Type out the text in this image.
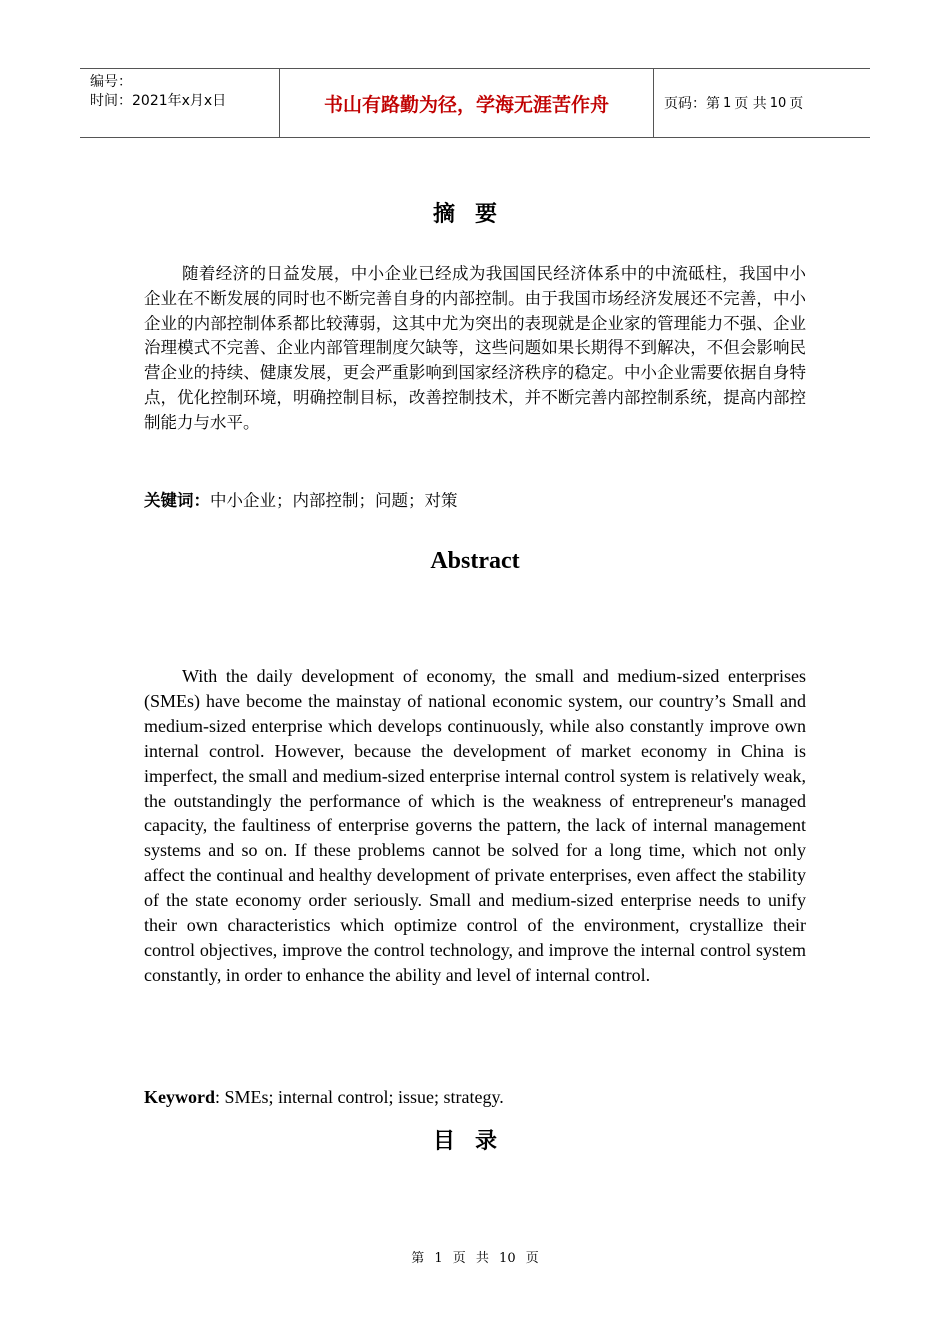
编号：
时间：2021年x月x日	书山有路勤为径，学海无涯苦作舟	页码：第 1 页 共 10 页
摘要
随着经济的日益发展，中小企业已经成为我国国民经济体系中的中流砥柱，我国中小企业在不断发展的同时也不断完善自身的内部控制。由于我国市场经济发展还不完善，中小企业的内部控制体系都比较薄弱，这其中尤为突出的表现就是企业家的管理能力不强、企业治理模式不完善、企业内部管理制度欠缺等，这些问题如果长期得不到解决，不但会影响民营企业的持续、健康发展，更会严重影响到国家经济秩序的稳定。中小企业需要依据自身特点，优化控制环境，明确控制目标，改善控制技术，并不断完善内部控制系统，提高内部控制能力与水平。
关键词：中小企业；内部控制；问题；对策
Abstract
With the daily development of economy, the small and medium-sized enterprises (SMEs) have become the mainstay of national economic system, our country’s Small and medium-sized enterprise which develops continuously, while also constantly improve own internal control. However, because the development of market economy in China is imperfect, the small and medium-sized enterprise internal control system is relatively weak, the outstandingly the performance of which is the weakness of entrepreneur's managed capacity, the faultiness of enterprise governs the pattern, the lack of internal management systems and so on. If these problems cannot be solved for a long time, which not only affect the continual and healthy development of private enterprises, even affect the stability of the state economy order seriously. Small and medium-sized enterprise needs to unify their own characteristics which optimize control of the environment, crystallize their control objectives, improve the control technology, and improve the internal control system constantly, in order to enhance the ability and level of internal control.
Keyword: SMEs; internal control; issue; strategy.
目录
第 1 页 共 10 页
